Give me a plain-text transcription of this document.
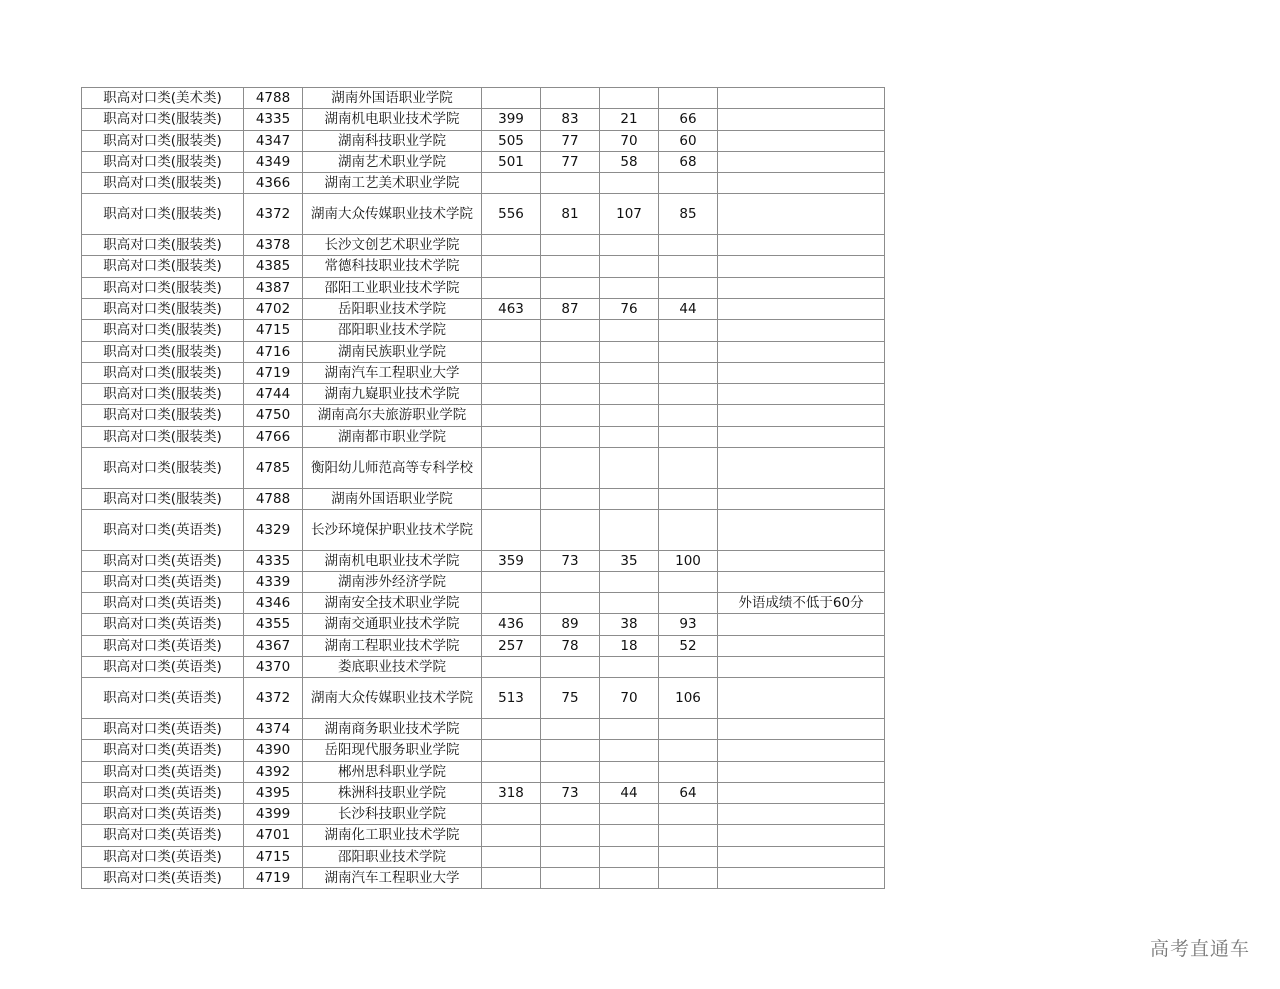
职高对口类(美术类)	4788	湖南外国语职业学院					
职高对口类(服装类)	4335	湖南机电职业技术学院	399	83	21	66	
职高对口类(服装类)	4347	湖南科技职业学院	505	77	70	60	
职高对口类(服装类)	4349	湖南艺术职业学院	501	77	58	68	
职高对口类(服装类)	4366	湖南工艺美术职业学院					
职高对口类(服装类)	4372	湖南大众传媒职业技术学院	556	81	107	85	
职高对口类(服装类)	4378	长沙文创艺术职业学院					
职高对口类(服装类)	4385	常德科技职业技术学院					
职高对口类(服装类)	4387	邵阳工业职业技术学院					
职高对口类(服装类)	4702	岳阳职业技术学院	463	87	76	44	
职高对口类(服装类)	4715	邵阳职业技术学院					
职高对口类(服装类)	4716	湖南民族职业学院					
职高对口类(服装类)	4719	湖南汽车工程职业大学					
职高对口类(服装类)	4744	湖南九嶷职业技术学院					
职高对口类(服装类)	4750	湖南高尔夫旅游职业学院					
职高对口类(服装类)	4766	湖南都市职业学院					
职高对口类(服装类)	4785	衡阳幼儿师范高等专科学校					
职高对口类(服装类)	4788	湖南外国语职业学院					
职高对口类(英语类)	4329	长沙环境保护职业技术学院					
职高对口类(英语类)	4335	湖南机电职业技术学院	359	73	35	100	
职高对口类(英语类)	4339	湖南涉外经济学院					
职高对口类(英语类)	4346	湖南安全技术职业学院					外语成绩不低于60分
职高对口类(英语类)	4355	湖南交通职业技术学院	436	89	38	93	
职高对口类(英语类)	4367	湖南工程职业技术学院	257	78	18	52	
职高对口类(英语类)	4370	娄底职业技术学院					
职高对口类(英语类)	4372	湖南大众传媒职业技术学院	513	75	70	106	
职高对口类(英语类)	4374	湖南商务职业技术学院					
职高对口类(英语类)	4390	岳阳现代服务职业学院					
职高对口类(英语类)	4392	郴州思科职业学院					
职高对口类(英语类)	4395	株洲科技职业学院	318	73	44	64	
职高对口类(英语类)	4399	长沙科技职业学院					
职高对口类(英语类)	4701	湖南化工职业技术学院					
职高对口类(英语类)	4715	邵阳职业技术学院					
职高对口类(英语类)	4719	湖南汽车工程职业大学					
高考直通车
